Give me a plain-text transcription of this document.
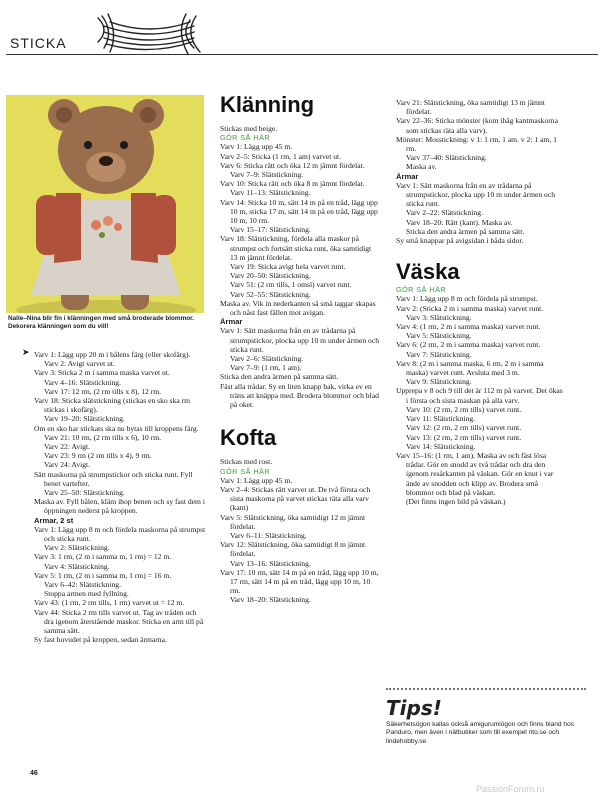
STICKA
Nalle–Nina blir fin i klänningen med små broderade blommor. Dekorera klänningen som du vill!
➤ Varv 1: Lägg upp 20 m i bålens färg (eller skofärg).

Varv 2: Avigt varvet ut.

Varv 3: Sticka 2 m i samma maska varvet ut.

Varv 4–16: Slätstickning.

Varv 17: 12 rm, (2 rm tills x 8), 12 rm.

Varv 18: Sticka slätstickning (stickas en sko ska rm stickas i skofärg).

Varv 19–20: Slätstickning.

Om en sko har stickats ska nu bytas till kroppens färg.

Varv 21: 10 rm, (2 rm tills x 6), 10 rm.

Varv 22: Avigt.

Varv 23: 9 rm (2 rm tills x 4), 9 rm.

Varv 24: Avigt.

Sätt maskorna på strumpstickor och sticka runt. Fyll benet vartefter.

Varv 25–50: Slätstickning.

Maska av. Fyll bålen, kläm ihop benen och sy fast dem i öppningen nederst på kroppen.

Armar, 2 st

Varv 1: Lägg upp 8 m och fördela maskorna på strumpst och sticka runt.

Varv 2: Slätstickning.

Varv 3: 1 rm, (2 m i samma m, 1 rm) = 12 m.

Varv 4: Slätstickning.

Varv 5: 1 rm, (2 m i samma m, 1 rm) = 16 m.

Varv 6–42: Slätstickning.

Stoppa armen med fyllning.

Varv 43: (1 rm, 2 rm tills, 1 rm) varvet ut = 12 m.

Varv 44: Sticka 2 rm tills varvet ut. Tag av tråden och dra igenom återstående maskor. Sticka en arm till på samma sätt.

Sy fast huvudet på kroppen, sedan ärmarna.

Klänning

Stickas med beige.

GÖR SÅ HÄR

Varv 1: Lägg upp 45 m.

Varv 2–5: Sticka (1 rm, 1 am) varvet ut.

Varv 6: Sticka rätt och öka 12 m jämnt fördelat.

Varv 7–9: Slätstickning.

Varv 10: Sticka rätt och öka 8 m jämnt fördelat.

Varv 11–13: Slätstickning.

Varv 14: Sticka 10 m, sätt 14 m på en tråd, lägg upp 10 m, sticka 17 m, sätt 14 m på en tråd, lägg upp 10 m, 10 rm.

Varv 15–17: Slätstickning.

Varv 18: Slätstickning, fördela alla maskor på strumpst och fortsätt sticka runt, öka samtidigt 13 m jämnt fördelat.

Varv 19: Sticka avigt hela varvet runt.

Varv 20–50: Slätstickning.

Varv 51: (2 rm tills, 1 omsl) varvet runt.

Varv 52–55: Slätstickning.

Maska av. Vik in nederkanten så små taggar skapas och nåst fast fållen mot avigan.

Ärmar

Varv 1: Sätt maskorna från en av trådarna på strumpstickor, plocka upp 10 m under ärmen och sticka runt.

Varv 2–6: Slätstickning.

Varv 7–9: (1 rm, 1 am).

Sticka den andra ärmen på samma sätt.

Fäst alla trådar. Sy en liten knapp bak, virka ev en träns att knäppa med. Brodera blommor och blad på oket.

Kofta

Stickas med rost.

GÖR SÅ HÄR

Varv 1: Lägg upp 45 m.

Varv 2–4: Stickas rätt varvet ut. De två första och sista maskorna på varvet stickas räta alla varv (kant)

Varv 5: Slätstickning, öka samtidigt 12 m jämnt fördelat.

Varv 6–11: Slätstickning.

Varv 12: Slätstickning, öka samtidigt 8 m jämnt fördelat.

Varv 13–16: Slätstickning.

Varv 17: 10 rm, sätt 14 m på en tråd, lägg upp 10 m, 17 rm, sätt 14 m på en tråd, lägg upp 10 m, 10 rm.

Varv 18–20: Slätstickning.

Varv 21: Slätstickning, öka samtidigt 13 m jämnt fördelat.

Varv 22–36: Sticka mönster (kom ihåg kantmaskorna som stickas räta alla varv).

Mönster: Mosstickning: v 1: 1 rm, 1 am. v 2: 1 am, 1 rm.

Varv 37–40: Slätstickning.

Maska av.

Ärmar

Varv 1: Sätt maskorna från en av trådarna på strumpstickor, plocka upp 10 m under ärmen och sticka runt.

Varv 2–22: Slätstickning.

Varv 18–20: Rätt (kant). Maska av.

Sticka den andra ärmen på samma sätt.

Sy små knappar på avigsidan i båda sidor.

Väska

GÖR SÅ HÄR

Varv 1: Lägg upp 8 m och fördela på strumpst.

Varv 2: (Sticka 2 m i samma maska) varvet runt.

Varv 3: Slätstickning.

Varv 4: (1 rm, 2 m i samma maska) varvet runt.

Varv 5: Slätstickning.

Varv 6: (2 rm, 2 m i samma maska) varvet runt.

Varv 7: Slätstickning.

Varv 8: (2 m i samma maska, 6 rm, 2 m i samma maska) varvet runt. Avsluta med 3 m.

Varv 9: Slätstickning.

Upprepa v 8 och 9 till det är 112 m på varvet. Det ökas i första och sista maskan på alla varv.

Varv 10: (2 rm, 2 rm tills) varvet runt.

Varv 11: Slätstickning.

Varv 12: (2 rm, 2 rm tills) varvet runt.

Varv 13: (2 rm, 2 rm tills) varvet runt.

Varv 14: Slätstickning.

Varv 15–16: (1 rm, 1 am). Maska av och fäst lösa trådar. Gör en snodd av två trådar och dra den igenom resårkanten på väskan. Gör en knut i var ände av snodden och klipp av. Brodera små blommor och blad på väskan.

(Det finns ingen bild på väskan.)

Tips!
Säkerhetsögon kallas också amigurumiögon och finns bland hos Panduro, men även i nätbutiker som till exempel rito.se och lindehobby.se
46
PassionForum.ru
